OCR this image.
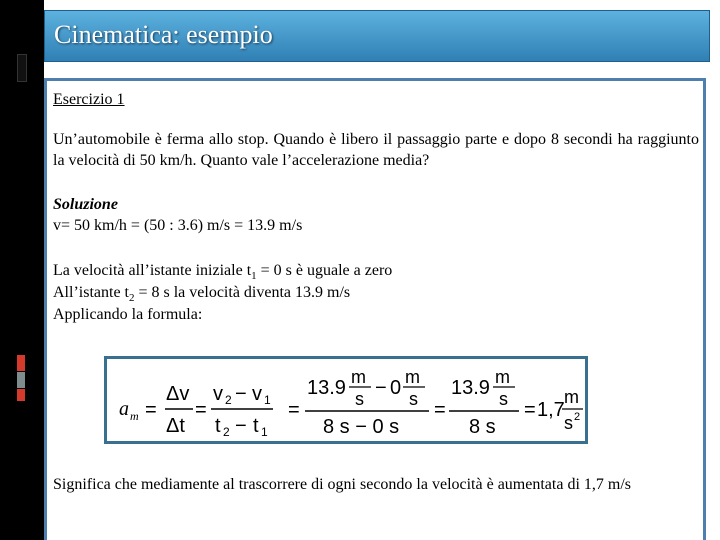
Cinematica: esempio
Esercizio 1
Un’automobile è ferma allo stop. Quando è libero il passaggio parte e dopo 8 secondi ha raggiunto la velocità di 50 km/h. Quanto vale l’accelerazione media?
Soluzione
v= 50 km/h = (50 : 3.6) m/s = 13.9 m/s
La velocità all’istante iniziale $t_1 = 0$ s è uguale a zero
All’istante $t_2 = 8$ s la velocità diventa 13.9 m/s
Applicando la formula:
a m =
Δv
Δt
=
v 2 − v 1
t 2 − t 1
=
13.9 m
s − 0 m
s
8 s − 0 s
=
13.9 m
s
8 s
= 1,7
m
s 2
Significa che mediamente al trascorrere di ogni secondo la velocità è aumentata di 1,7 m/s
